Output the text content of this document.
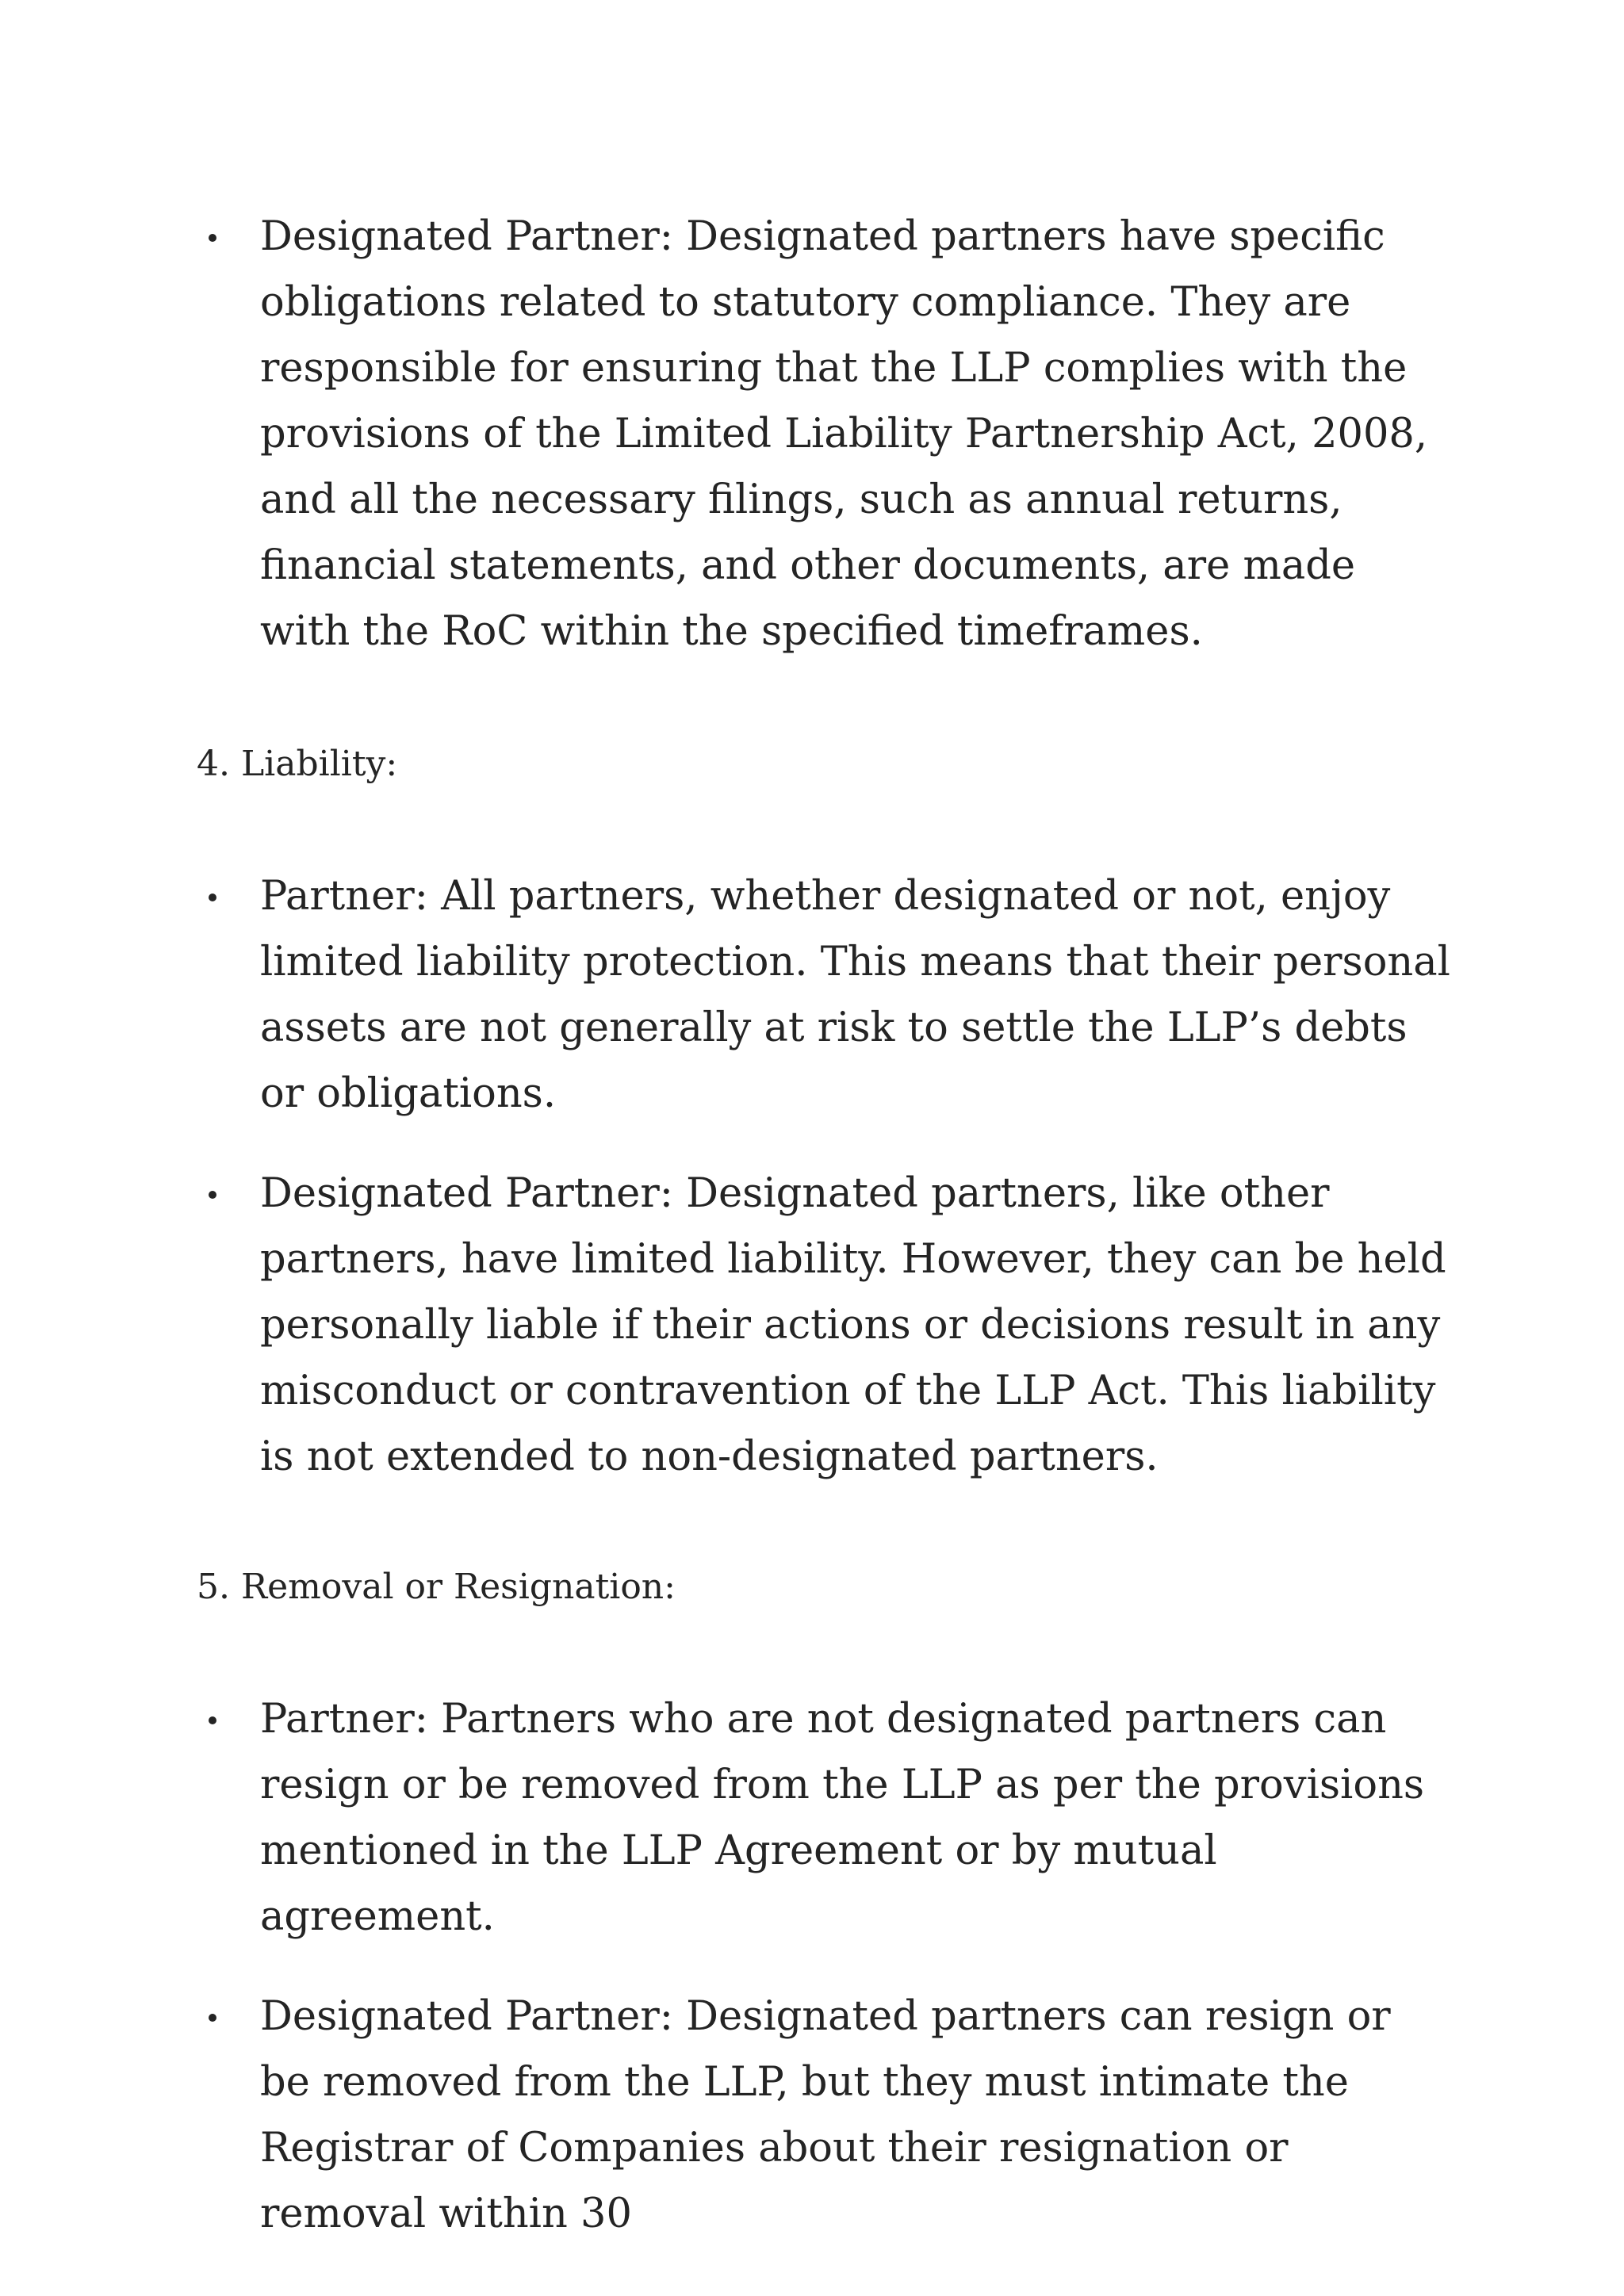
Designated Partner: Designated partners have specific obligations related to statutory compliance. They are responsible for ensuring that the LLP complies with the provisions of the Limited Liability Partnership Act, 2008, and all the necessary filings, such as annual returns, financial statements, and other documents, are made with the RoC within the specified timeframes.
4. Liability:
Partner: All partners, whether designated or not, enjoy limited liability protection. This means that their personal assets are not generally at risk to settle the LLP’s debts or obligations.
Designated Partner: Designated partners, like other partners, have limited liability. However, they can be held personally liable if their actions or decisions result in any misconduct or contravention of the LLP Act. This liability is not extended to non-designated partners.
5. Removal or Resignation:
Partner: Partners who are not designated partners can resign or be removed from the LLP as per the provisions mentioned in the LLP Agreement or by mutual agreement.
Designated Partner: Designated partners can resign or be removed from the LLP, but they must intimate the Registrar of Companies about their resignation or removal within 30
